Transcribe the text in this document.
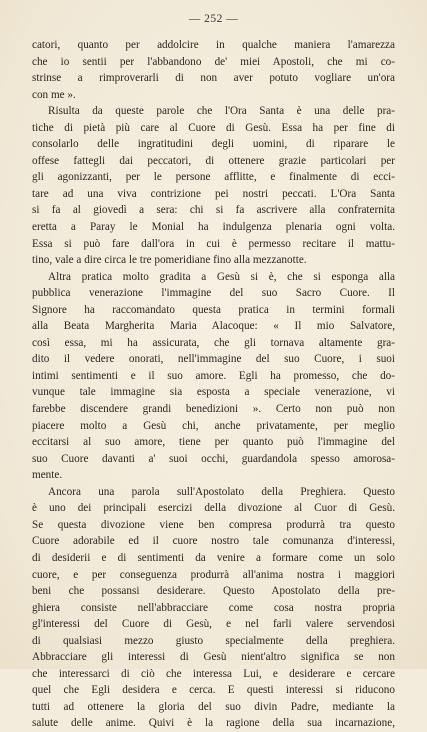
— 252 —
catori, quanto per addolcire in qualche maniera l'amarezza
che io sentii per l'abbandono de' miei Apostoli, che mi co-
strinse a rimproverarli di non aver potuto vogliare un'ora
con me ».
Risulta da queste parole che l'Ora Santa è una delle pra-
tiche di pietà più care al Cuore di Gesù. Essa ha per fine di
consolarlo delle ingratitudini degli uomini, di riparare le
offese fattegli dai peccatori, di ottenere grazie particolari per
gli agonizzanti, per le persone afflitte, e finalmente di ecci-
tare ad una viva contrizione pei nostri peccati. L'Ora Santa
si fa al giovedì a sera: chi si fa ascrivere alla confraternita
eretta a Paray le Monial ha indulgenza plenaria ogni volta.
Essa si può fare dall'ora in cui è permesso recitare il mattu-
tino, vale a dire circa le tre pomeridiane fino alla mezzanotte.
Altra pratica molto gradita a Gesù si è, che si esponga alla
pubblica venerazione l'immagine del suo Sacro Cuore. Il
Signore ha raccomandato questa pratica in termini formali
alla Beata Margherita Maria Alacoque: « Il mio Salvatore,
così essa, mi ha assicurata, che gli tornava altamente gra-
dito il vedere onorati, nell'immagine del suo Cuore, i suoi
intimi sentimenti e il suo amore. Egli ha promesso, che do-
vunque tale immagine sia esposta a speciale venerazione, vi
farebbe discendere grandi benedizioni ». Certo non può non
piacere molto a Gesù chi, anche privatamente, per meglio
eccitarsi al suo amore, tiene per quanto può l'immagine del
suo Cuore davanti a' suoi occhi, guardandola spesso amorosa-
mente.
Ancora una parola sull'Apostolato della Preghiera. Questo
è uno dei principali esercizi della divozione al Cuor di Gesù.
Se questa divozione viene ben compresa produrrà tra questo
Cuore adorabile ed il cuore nostro tale comunanza d'interessi,
di desiderii e di sentimenti da venire a formare come un solo
cuore, e per conseguenza produrrà all'anima nostra i maggiori
beni che possansi desiderare. Questo Apostolato della pre-
ghiera consiste nell'abbracciare come cosa nostra propria
gl'interessi del Cuore di Gesù, e nel farli valere servendosi
di qualsiasi mezzo giusto specialmente della preghiera.
Abbracciare gli interessi di Gesù nient'altro significa se non
che interessarci di ciò che interessa Lui, e desiderare e cercare
quel che Egli desidera e cerca. E questi interessi si riducono
tutti ad ottenere la gloria del suo divin Padre, mediante la
salute delle anime. Quivi è la ragione della sua incarnazione,
